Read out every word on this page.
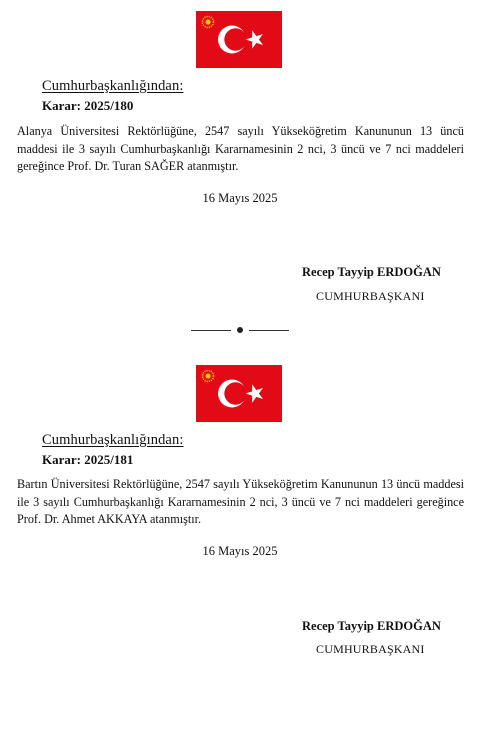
Cumhurbaşkanlığından:
Karar: 2025/180
Alanya Üniversitesi Rektörlüğüne, 2547 sayılı Yükseköğretim Kanununun 13 üncü maddesi ile 3 sayılı Cumhurbaşkanlığı Kararnamesinin 2 nci, 3 üncü ve 7 nci maddeleri gereğince Prof. Dr. Turan SAĞER atanmıştır.
16 Mayıs 2025
Recep Tayyip ERDOĞAN
CUMHURBAŞKANI
Cumhurbaşkanlığından:
Karar: 2025/181
Bartın Üniversitesi Rektörlüğüne, 2547 sayılı Yükseköğretim Kanununun 13 üncü maddesi ile 3 sayılı Cumhurbaşkanlığı Kararnamesinin 2 nci, 3 üncü ve 7 nci maddeleri gereğince Prof. Dr. Ahmet AKKAYA atanmıştır.
16 Mayıs 2025
Recep Tayyip ERDOĞAN
CUMHURBAŞKANI
